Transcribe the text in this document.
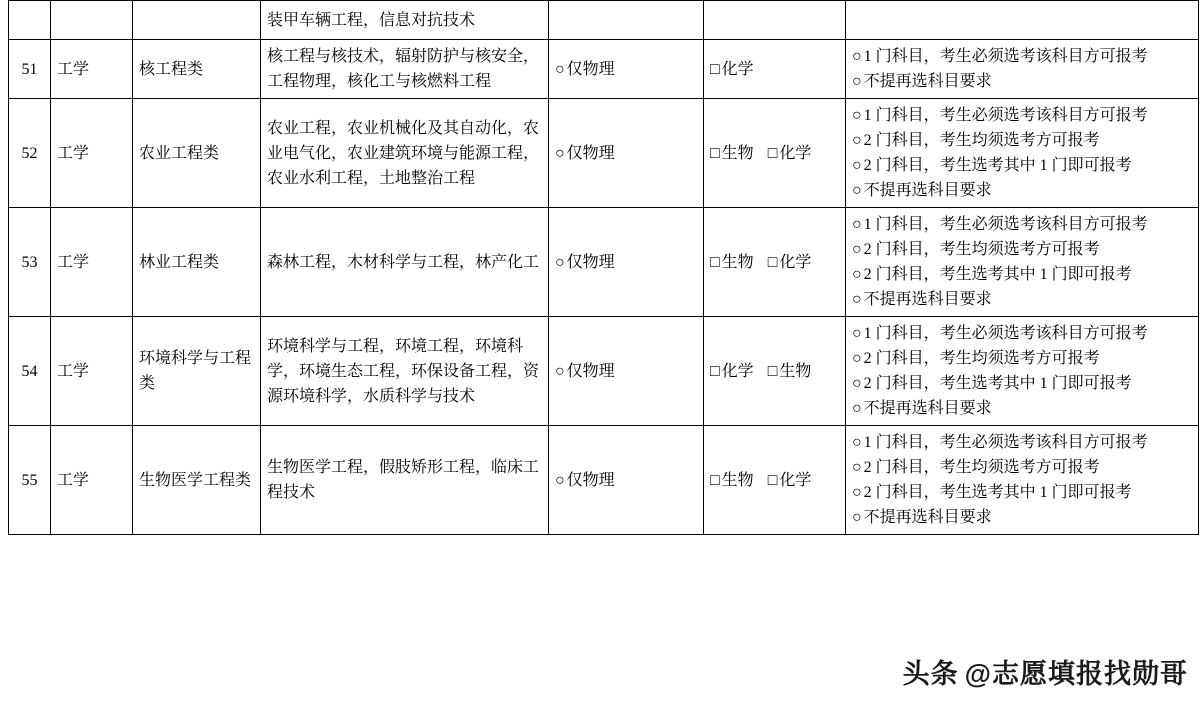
			装甲车辆工程，信息对抗技术			
51	工学	核工程类	核工程与核技术，辐射防护与核安全，工程物理，核化工与核燃料工程	○ 仅物理	□ 化学	○ 1 门科目，考生必须选考该科目方可报考
○ 不提再选科目要求

52	工学	农业工程类	农业工程，农业机械化及其自动化，农业电气化，农业建筑环境与能源工程，农业水利工程，土地整治工程	○ 仅物理	□ 生物 □ 化学	○ 1 门科目，考生必须选考该科目方可报考
○ 2 门科目，考生均须选考方可报考
○ 2 门科目，考生选考其中 1 门即可报考
○ 不提再选科目要求

53	工学	林业工程类	森林工程，木材科学与工程，林产化工	○ 仅物理	□ 生物 □ 化学	○ 1 门科目，考生必须选考该科目方可报考
○ 2 门科目，考生均须选考方可报考
○ 2 门科目，考生选考其中 1 门即可报考
○ 不提再选科目要求

54	工学	环境科学与工程类	环境科学与工程，环境工程，环境科学，环境生态工程，环保设备工程，资源环境科学，水质科学与技术	○ 仅物理	□ 化学 □ 生物	○ 1 门科目，考生必须选考该科目方可报考
○ 2 门科目，考生均须选考方可报考
○ 2 门科目，考生选考其中 1 门即可报考
○ 不提再选科目要求

55	工学	生物医学工程类	生物医学工程，假肢矫形工程，临床工程技术	○ 仅物理	□ 生物 □ 化学	○ 1 门科目，考生必须选考该科目方可报考
○ 2 门科目，考生均须选考方可报考
○ 2 门科目，考生选考其中 1 门即可报考
○ 不提再选科目要求
头条 @志愿填报找勋哥
